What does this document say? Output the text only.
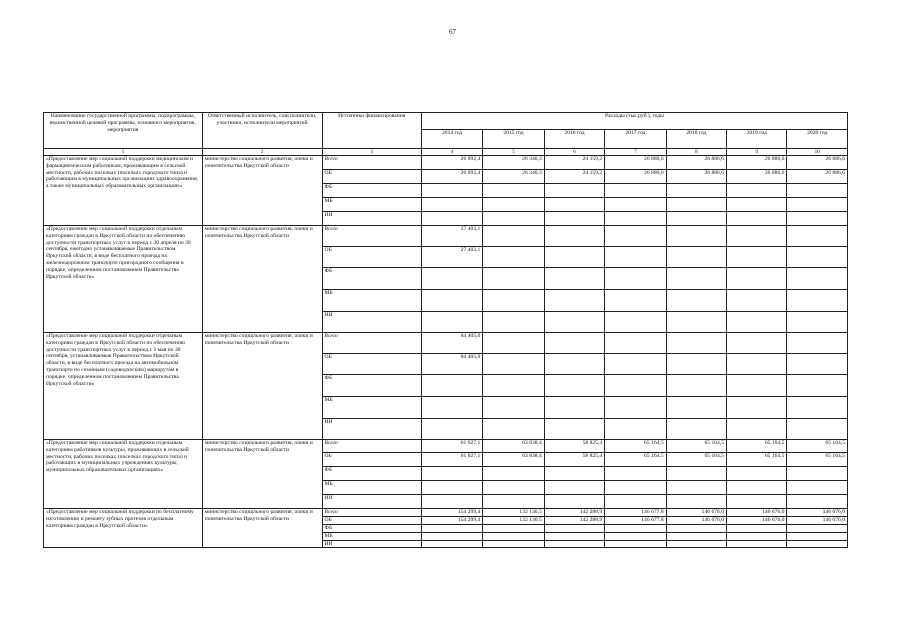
67
Наименование государственной программы, подпрограммы, ведомственной целевой программы, основного мероприятия, мероприятия	Ответственный исполнитель, соисполнители, участники, исполнители мероприятий	Источники финансирования	Расходы (тыс.руб.), годы						
			2014 год	2015 год	2016 год	2017 год	2018 год	2019 год	2020 год
1	2	3	4	5	6	7	8	9	10
«Предоставление мер социальной поддержки медицинским и фармацевтическим работникам, проживающим в сельской местности, рабочих поселках (поселках городского типа) и работающим в муниципальных организациях здравоохранения, а также муниципальных образовательных организациях»	министерство социального развития, опеки и попечительства Иркутской области	Всего	26 892,4	26 340,3	24 159,2	26 886,6	26 886,6	26 886,6	26 886,6
		ОБ	26 892,4	26 340,3	24 159,2	26 886,6	26 886,6	26 886,6	26 886,6
		ФБ							
		МБ							
		ИИ							
«Предоставление мер социальной поддержки отдельным категориям граждан в Иркутской области по обеспечению доступности транспортных услуг в период с 30 апреля по 30 сентября, ежегодно устанавливаемые Правительством Иркутской области, в виде бесплатного проезда на железнодорожном транспорте пригородного сообщения в порядке, определенном постановлением Правительства Иркутской области»	министерство социального развития, опеки и попечительства Иркутской области	Всего	27 403,1						
		ОБ	27 403,1						
		ФБ							
		МБ							
		ИИ							
«Предоставление мер социальной поддержки отдельным категориям граждан в Иркутской области по обеспечению доступности транспортных услуг в период с 1 мая по 30 сентября, устанавливаемые Правительством Иркутской области, в виде бесплатного проезда на автомобильном транспорте по сезонным (садоводческим) маршрутам в порядке, определенном постановлением Правительства Иркутской области»	министерство социального развития, опеки и попечительства Иркутской области	Всего	84 405,0						
		ОБ	84 405,0						
		ФБ							
		МБ							
		ИИ							
«Предоставление мер социальной поддержки отдельным категориям работников культуры, проживающих в сельской местности, рабочих поселках (поселках городского типа) и работающих в муниципальных учреждениях культуры, муниципальных образовательных организациях»	министерство социального развития, опеки и попечительства Иркутской области	Всего	61 027,1	63 838,4	58 825,4	65 164,5	65 164,5	65 164,5	65 164,5
		ОБ	61 027,1	63 838,4	58 825,4	65 164,5	65 164,5	65 164,5	65 164,5
		ФБ							
		МБ							
		ИИ							
«Предоставление мер социальной поддержки по бесплатному изготовлению и ремонту зубных протезов отдельным категориям граждан в Иркутской области»	министерство социального развития, опеки и попечительства Иркутской области	Всего	154 299,4	132 130,5	142 288,9	146 677,8	146 676,0	146 676,0	146 676,0
		ОБ	154 299,4	132 130,5	142 288,9	146 677,8	146 676,0	146 676,0	146 676,0
		ФБ							
		МБ							
		ИИ							
